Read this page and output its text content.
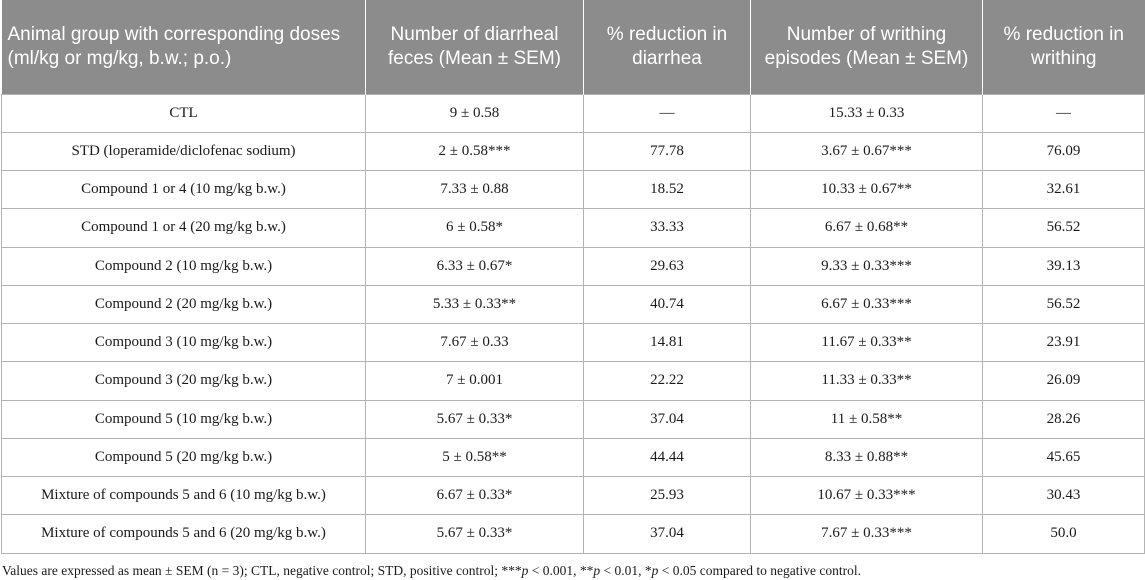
Animal group with corresponding doses (ml/kg or mg/kg, b.w.; p.o.)	Number of diarrheal feces (Mean ± SEM)	% reduction in diarrhea	Number of writhing episodes (Mean ± SEM)	% reduction in writhing
CTL	9 ± 0.58	—	15.33 ± 0.33	—
STD (loperamide/diclofenac sodium)	2 ± 0.58***	77.78	3.67 ± 0.67***	76.09
Compound 1 or 4 (10 mg/kg b.w.)	7.33 ± 0.88	18.52	10.33 ± 0.67**	32.61
Compound 1 or 4 (20 mg/kg b.w.)	6 ± 0.58*	33.33	6.67 ± 0.68**	56.52
Compound 2 (10 mg/kg b.w.)	6.33 ± 0.67*	29.63	9.33 ± 0.33***	39.13
Compound 2 (20 mg/kg b.w.)	5.33 ± 0.33**	40.74	6.67 ± 0.33***	56.52
Compound 3 (10 mg/kg b.w.)	7.67 ± 0.33	14.81	11.67 ± 0.33**	23.91
Compound 3 (20 mg/kg b.w.)	7 ± 0.001	22.22	11.33 ± 0.33**	26.09
Compound 5 (10 mg/kg b.w.)	5.67 ± 0.33*	37.04	11 ± 0.58**	28.26
Compound 5 (20 mg/kg b.w.)	5 ± 0.58**	44.44	8.33 ± 0.88**	45.65
Mixture of compounds 5 and 6 (10 mg/kg b.w.)	6.67 ± 0.33*	25.93	10.67 ± 0.33***	30.43
Mixture of compounds 5 and 6 (20 mg/kg b.w.)	5.67 ± 0.33*	37.04	7.67 ± 0.33***	50.0
Values are expressed as mean ± SEM (n = 3); CTL, negative control; STD, positive control; ***p < 0.001, **p < 0.01, *p < 0.05 compared to negative control.
